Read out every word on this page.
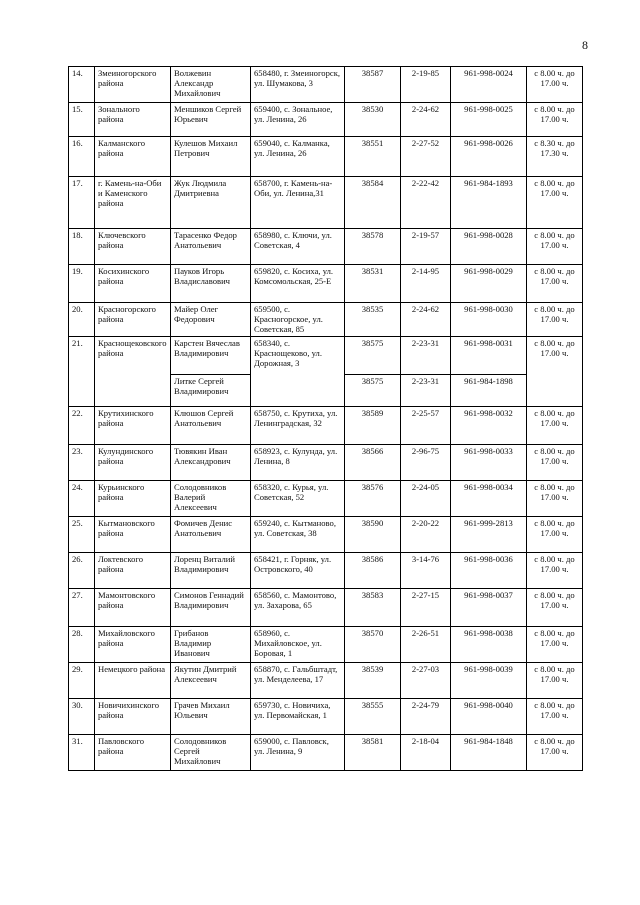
8
14.	Змеиногорского района	Волжевин Александр Михайлович	658480, г. Змеиногорск, ул. Шумакова, 3	38587	2-19-85	961-998-0024	с 8.00 ч. до 17.00 ч.
15.	Зонального района	Меншиков Сергей Юрьевич	659400, с. Зональное, ул. Ленина, 26	38530	2-24-62	961-998-0025	с 8.00 ч. до 17.00 ч.
16.	Калманского района	Кулешов Михаил Петрович	659040, с. Калманка, ул. Ленина, 26	38551	2-27-52	961-998-0026	с 8.30 ч. до 17.30 ч.
17.	г. Камень-на-Оби и Каменского района	Жук Людмила Дмитриевна	658700, г. Камень-на-Оби, ул. Ленина,31	38584	2-22-42	961-984-1893	с 8.00 ч. до 17.00 ч.
18.	Ключевского района	Тарасенко Федор Анатольевич	658980, с. Ключи, ул. Советская, 4	38578	2-19-57	961-998-0028	с 8.00 ч. до 17.00 ч.
19.	Косихинского района	Пауков Игорь Владиславович	659820, с. Косиха, ул. Комсомольская, 25-Е	38531	2-14-95	961-998-0029	с 8.00 ч. до 17.00 ч.
20.	Красногорского района	Майер Олег Федорович	659500, с. Красногорское, ул. Советская, 85	38535	2-24-62	961-998-0030	с 8.00 ч. до 17.00 ч.
21.	Краснощековского района	Карстен Вячеслав Владимирович	658340, с. Краснощеково, ул. Дорожная, 3	38575	2-23-31	961-998-0031	с 8.00 ч. до 17.00 ч.
		Литке Сергей Владимирович		38575	2-23-31	961-984-1898	
22.	Крутихинского района	Клюшов Сергей Анатольевич	658750, с. Крутиха, ул. Ленинградская, 32	38589	2-25-57	961-998-0032	с 8.00 ч. до 17.00 ч.
23.	Кулундинского района	Тювякин Иван Александрович	658923, с. Кулунда, ул. Ленина, 8	38566	2-96-75	961-998-0033	с 8.00 ч. до 17.00 ч.
24.	Курьинского района	Солодовников Валерий Алексеевич	658320, с. Курья, ул. Советская, 52	38576	2-24-05	961-998-0034	с 8.00 ч. до 17.00 ч.
25.	Кытмановского района	Фомичев Денис Анатольевич	659240, с. Кытманово, ул. Советская, 38	38590	2-20-22	961-999-2813	с 8.00 ч. до 17.00 ч.
26.	Локтевского района	Лоренц Виталий Владимирович	658421, г. Горняк, ул. Островского, 40	38586	3-14-76	961-998-0036	с 8.00 ч. до 17.00 ч.
27.	Мамонтовского района	Симонов Геннадий Владимирович	658560, с. Мамонтово, ул. Захарова, 65	38583	2-27-15	961-998-0037	с 8.00 ч. до 17.00 ч.
28.	Михайловского района	Грибанов Владимир Иванович	658960, с. Михайловское, ул. Боровая, 1	38570	2-26-51	961-998-0038	с 8.00 ч. до 17.00 ч.
29.	Немецкого района	Якутин Дмитрий Алексеевич	658870, с. Гальбштадт, ул. Менделеева, 17	38539	2-27-03	961-998-0039	с 8.00 ч. до 17.00 ч.
30.	Новичихинского района	Грачев Михаил Юльевич	659730, с. Новичиха, ул. Первомайская, 1	38555	2-24-79	961-998-0040	с 8.00 ч. до 17.00 ч.
31.	Павловского района	Солодовников Сергей Михайлович	659000, с. Павловск, ул. Ленина, 9	38581	2-18-04	961-984-1848	с 8.00 ч. до 17.00 ч.
